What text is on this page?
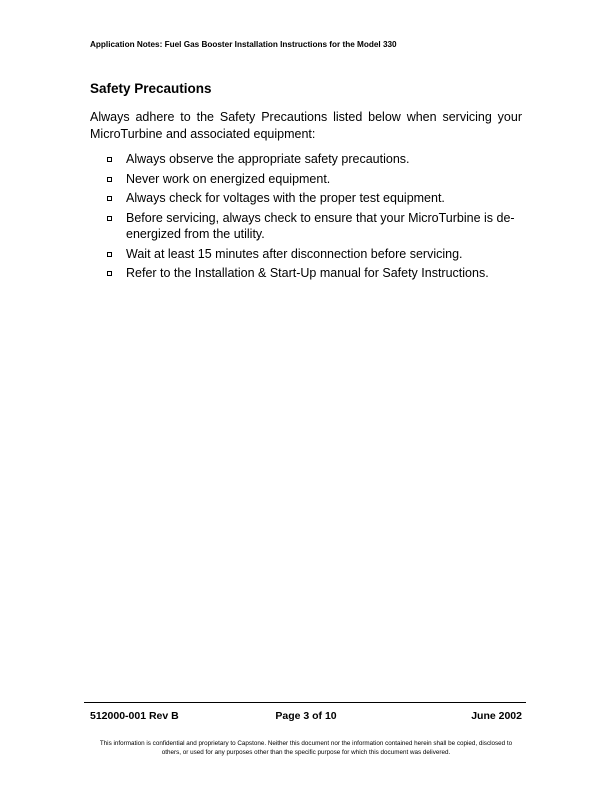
Application Notes: Fuel Gas Booster Installation Instructions for the Model 330
Safety Precautions

Always adhere to the Safety Precautions listed below when servicing your MicroTurbine and associated equipment:

Always observe the appropriate safety precautions.
Never work on energized equipment.
Always check for voltages with the proper test equipment.
Before servicing, always check to ensure that your MicroTurbine is de-energized from the utility.
Wait at least 15 minutes after disconnection before servicing.
Refer to the Installation & Start-Up manual for Safety Instructions.
512000-001 Rev B	Page 3 of 10	June 2002

This information is confidential and proprietary to Capstone. Neither this document nor the information contained herein shall be copied, disclosed to others, or used for any purposes other than the specific purpose for which this document was delivered.
